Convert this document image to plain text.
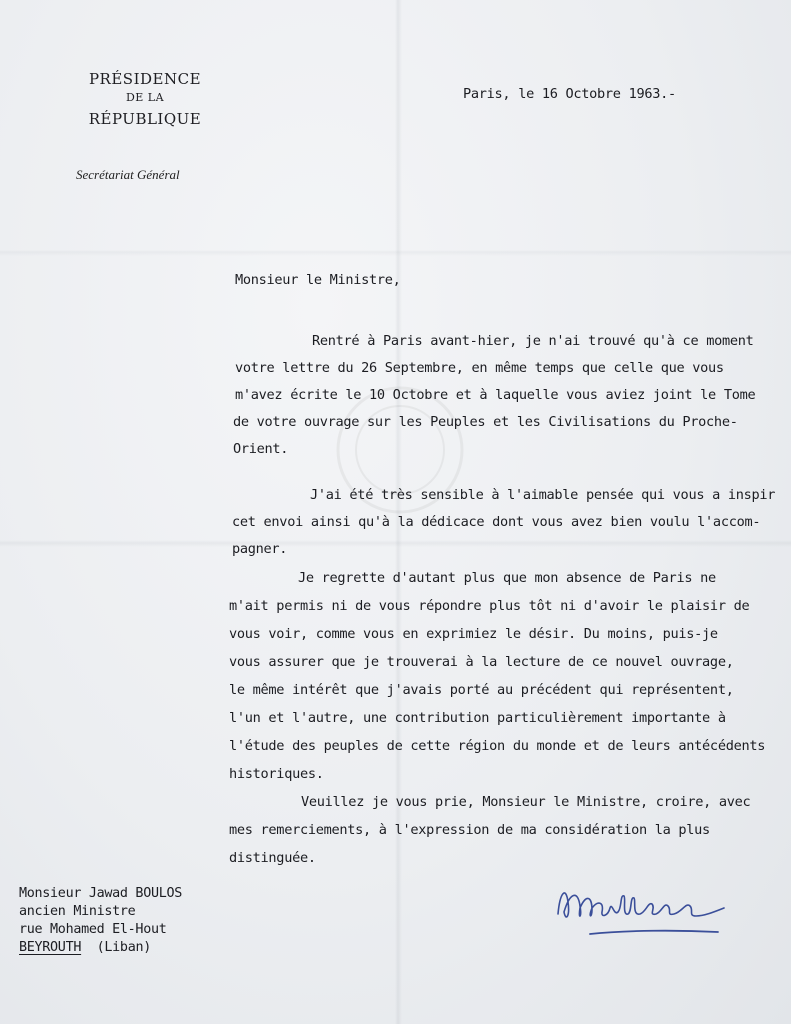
PRÉSIDENCE
DE LA
RÉPUBLIQUE
Secrétariat Général
Paris, le 16 Octobre 1963.-
Monsieur le Ministre,
Rentré à Paris avant-hier, je n'ai trouvé qu'à ce moment
votre lettre du 26 Septembre, en même temps que celle que vous
m'avez écrite le 10 Octobre et à laquelle vous aviez joint le Tome
de votre ouvrage sur les Peuples et les Civilisations du Proche-
Orient.
J'ai été très sensible à l'aimable pensée qui vous a inspir
cet envoi ainsi qu'à la dédicace dont vous avez bien voulu l'accom-
pagner.
Je regrette d'autant plus que mon absence de Paris ne
m'ait permis ni de vous répondre plus tôt ni d'avoir le plaisir de
vous voir, comme vous en exprimiez le désir. Du moins, puis-je
vous assurer que je trouverai à la lecture de ce nouvel ouvrage,
le même intérêt que j'avais porté au précédent qui représentent,
l'un et l'autre, une contribution particulièrement importante à
l'étude des peuples de cette région du monde et de leurs antécédents
historiques.
Veuillez je vous prie, Monsieur le Ministre, croire, avec
mes remerciements, à l'expression de ma considération la plus
distinguée.
Monsieur Jawad BOULOS
ancien Ministre
rue Mohamed El-Hout
BEYROUTH (Liban)
